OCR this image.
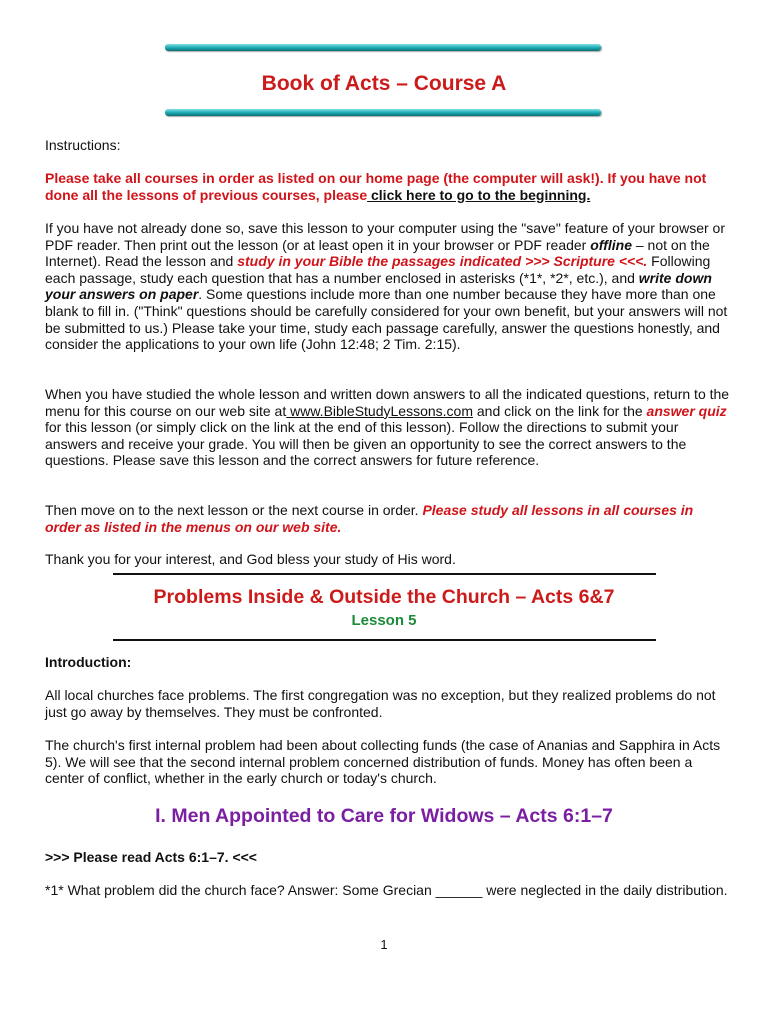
Book of Acts – Course A
Instructions:
Please take all courses in order as listed on our home page (the computer will ask!). If you have not done all the lessons of previous courses, please click here to go to the beginning.
If you have not already done so, save this lesson to your computer using the "save" feature of your browser or PDF reader. Then print out the lesson (or at least open it in your browser or PDF reader offline – not on the Internet). Read the lesson and study in your Bible the passages indicated >>> Scripture <<<. Following each passage, study each question that has a number enclosed in asterisks (*1*, *2*, etc.), and write down your answers on paper. Some questions include more than one number because they have more than one blank to fill in. ("Think" questions should be carefully considered for your own benefit, but your answers will not be submitted to us.) Please take your time, study each passage carefully, answer the questions honestly, and consider the applications to your own life (John 12:48; 2 Tim. 2:15).
When you have studied the whole lesson and written down answers to all the indicated questions, return to the menu for this course on our web site at www.BibleStudyLessons.com and click on the link for the answer quiz for this lesson (or simply click on the link at the end of this lesson). Follow the directions to submit your answers and receive your grade. You will then be given an opportunity to see the correct answers to the questions. Please save this lesson and the correct answers for future reference.
Then move on to the next lesson or the next course in order. Please study all lessons in all courses in order as listed in the menus on our web site.
Thank you for your interest, and God bless your study of His word.
Problems Inside & Outside the Church – Acts 6&7
Lesson 5
Introduction:
All local churches face problems. The first congregation was no exception, but they realized problems do not just go away by themselves. They must be confronted.
The church's first internal problem had been about collecting funds (the case of Ananias and Sapphira in Acts 5). We will see that the second internal problem concerned distribution of funds. Money has often been a center of conflict, whether in the early church or today's church.
I. Men Appointed to Care for Widows – Acts 6:1–7
>>> Please read Acts 6:1–7. <<<
*1* What problem did the church face? Answer: Some Grecian ______ were neglected in the daily distribution.
1
